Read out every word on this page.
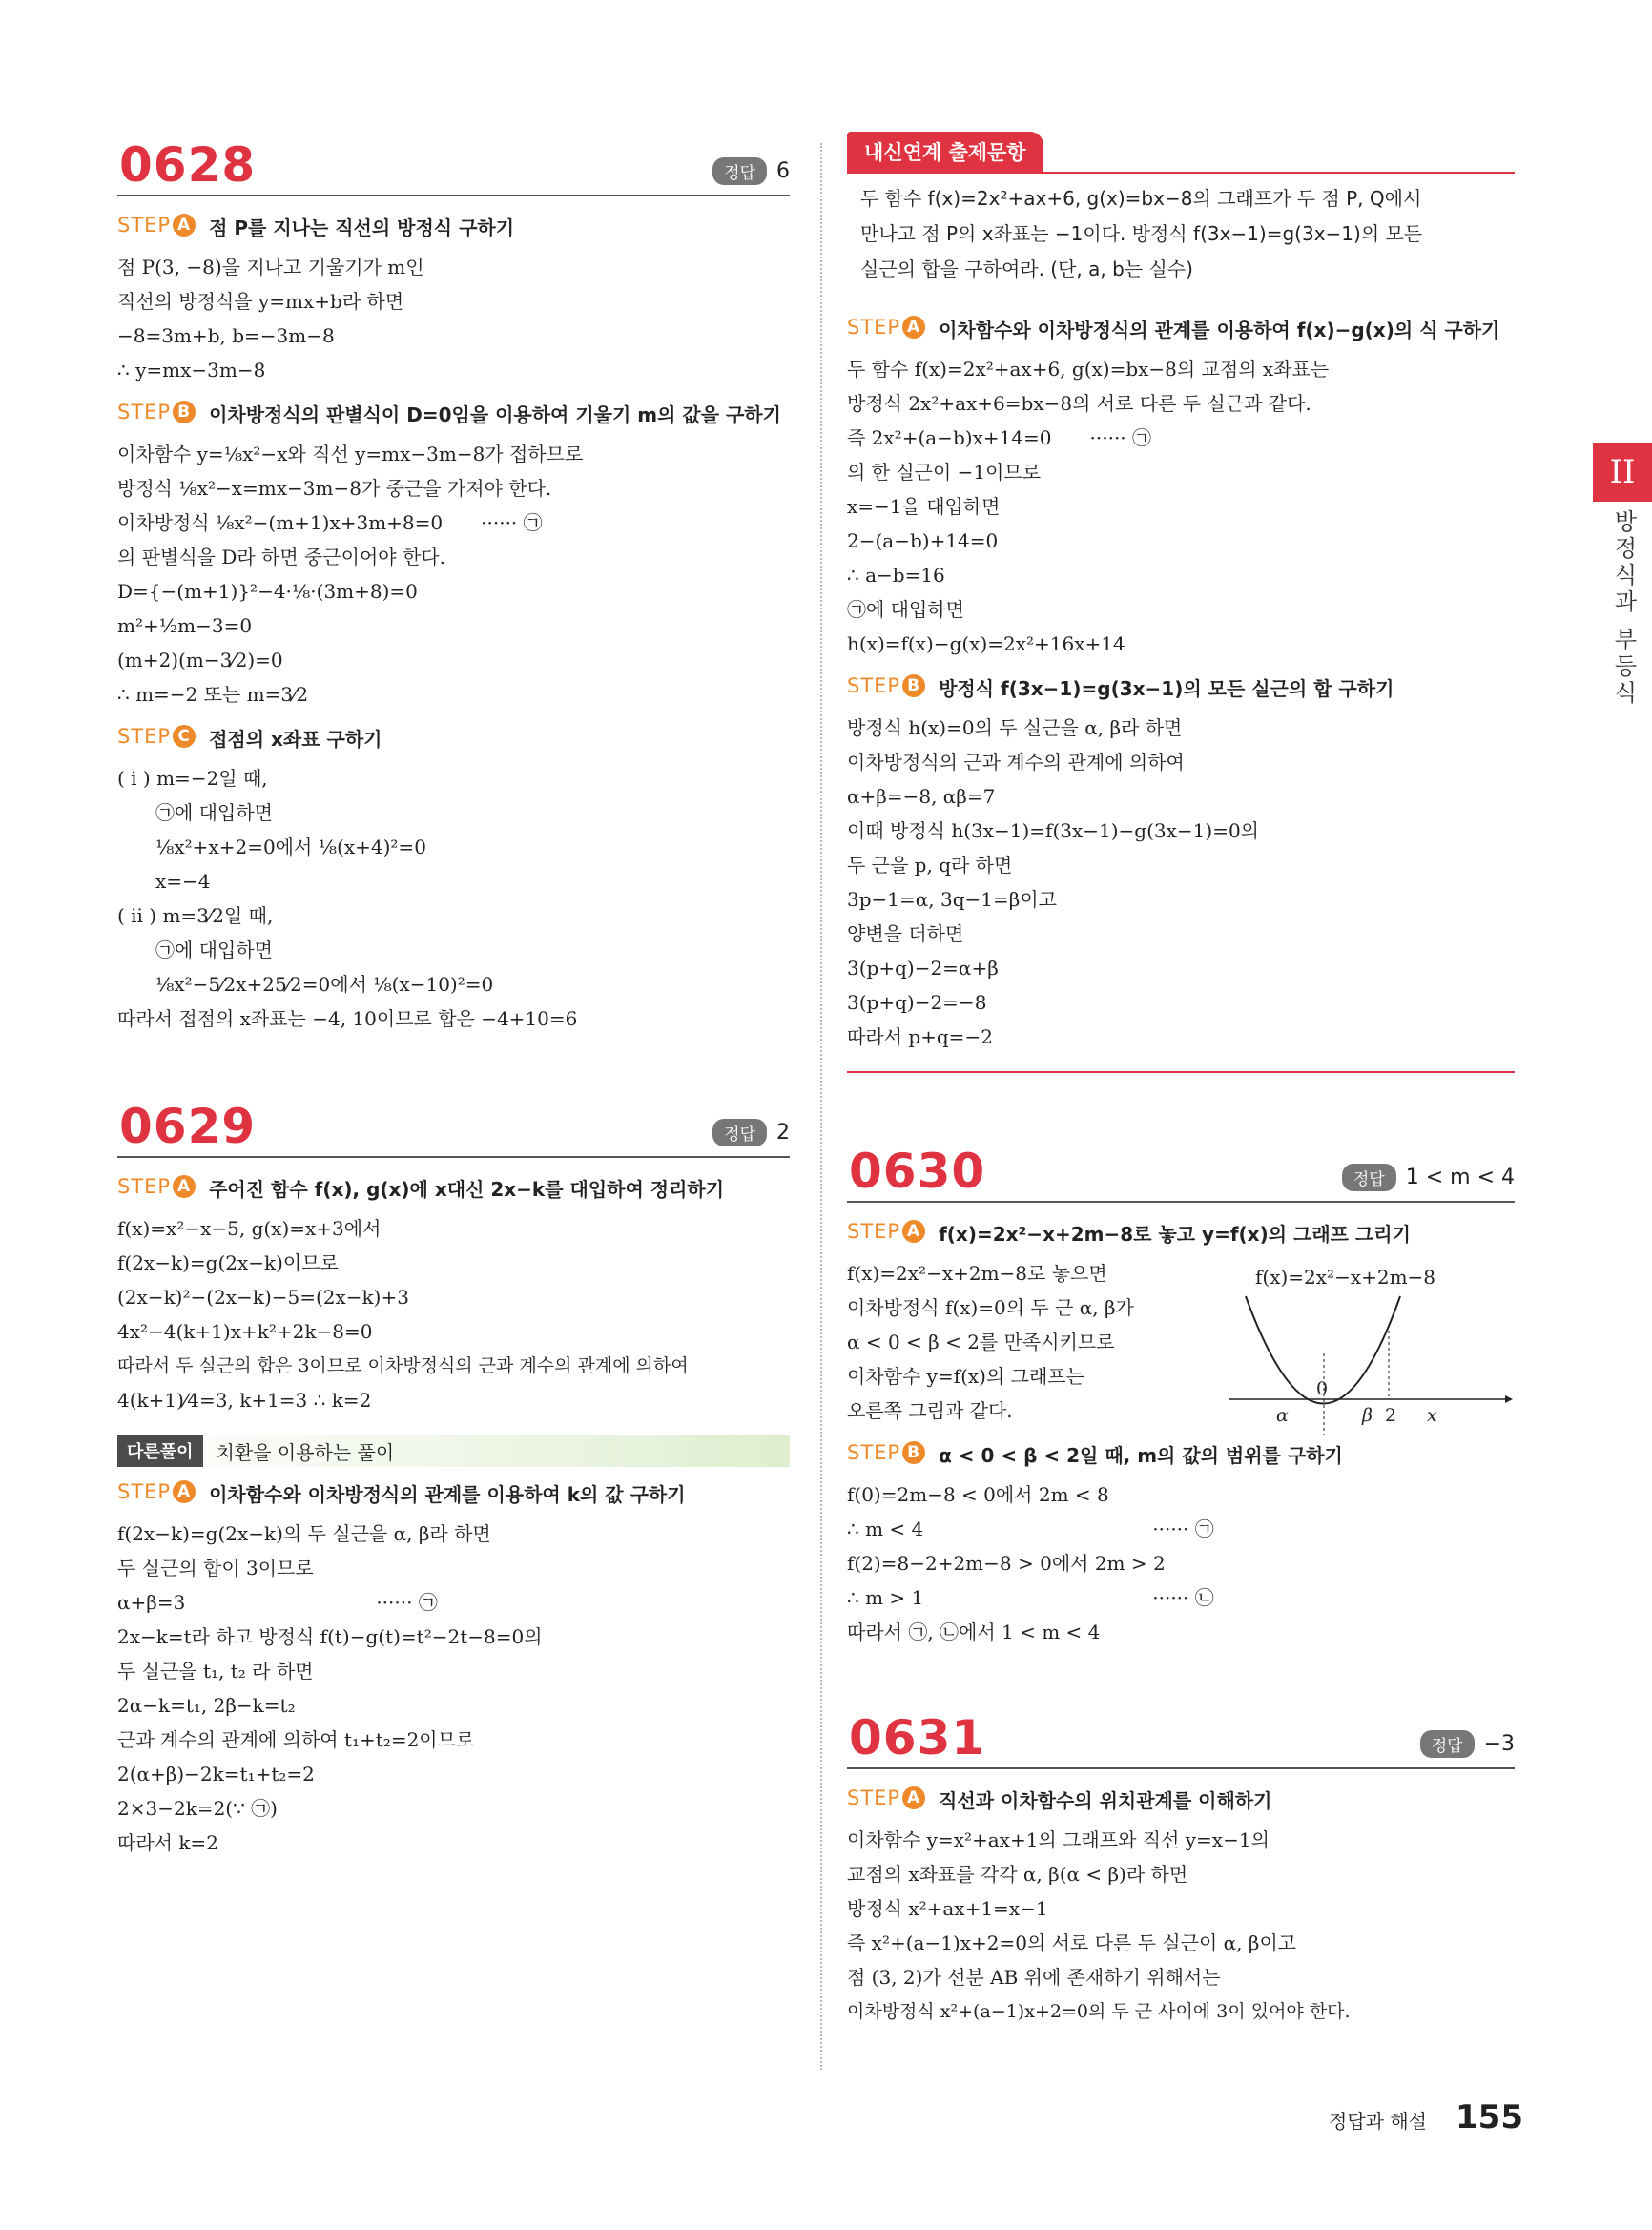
0628	정답	6
STEP A 점 P를 지나는 직선의 방정식 구하기
점 P(3, −8)을 지나고 기울기가 m인
직선의 방정식을 y=mx+b라 하면
−8=3m+b, b=−3m−8
∴ y=mx−3m−8
STEP B 이차방정식의 판별식이 D=0임을 이용하여 기울기 m의 값을 구하기
이차함수 y=¹⁄₈x²−x와 직선 y=mx−3m−8가 접하므로
방정식 ¹⁄₈x²−x=mx−3m−8가 중근을 가져야 한다.
이차방정식 ¹⁄₈x²−(m+1)x+3m+8=0 ······ ㉠
의 판별식을 D라 하면 중근이어야 한다.
D={−(m+1)}²−4·¹⁄₈·(3m+8)=0
m²+½m−3=0
(m+2)(m−3⁄2)=0
∴ m=−2 또는 m=3⁄2
STEP C 접점의 x좌표 구하기
( i ) m=−2일 때,
㉠에 대입하면
¹⁄₈x²+x+2=0에서 ¹⁄₈(x+4)²=0
x=−4
( ii ) m=3⁄2일 때,
㉠에 대입하면
¹⁄₈x²−5⁄2x+25⁄2=0에서 ¹⁄₈(x−10)²=0
따라서 접점의 x좌표는 −4, 10이므로 합은 −4+10=6
0629	정답	2
STEP A 주어진 함수 f(x), g(x)에 x대신 2x−k를 대입하여 정리하기
f(x)=x²−x−5, g(x)=x+3에서
f(2x−k)=g(2x−k)이므로
(2x−k)²−(2x−k)−5=(2x−k)+3
4x²−4(k+1)x+k²+2k−8=0
따라서 두 실근의 합은 3이므로 이차방정식의 근과 계수의 관계에 의하여
4(k+1)⁄4=3, k+1=3 ∴ k=2
다른풀이	치환을 이용하는 풀이
STEP A 이차함수와 이차방정식의 관계를 이용하여 k의 값 구하기
f(2x−k)=g(2x−k)의 두 실근을 α, β라 하면
두 실근의 합이 3이므로
α+β=3	······ ㉠
2x−k=t라 하고 방정식 f(t)−g(t)=t²−2t−8=0의
두 실근을 t₁, t₂ 라 하면
2α−k=t₁, 2β−k=t₂
근과 계수의 관계에 의하여 t₁+t₂=2이므로
2(α+β)−2k=t₁+t₂=2
2×3−2k=2(∵ ㉠)
따라서 k=2
내신연계 출제문항
두 함수 f(x)=2x²+ax+6, g(x)=bx−8의 그래프가 두 점 P, Q에서
만나고 점 P의 x좌표는 −1이다. 방정식 f(3x−1)=g(3x−1)의 모든
실근의 합을 구하여라. (단, a, b는 실수)
STEP A 이차함수와 이차방정식의 관계를 이용하여 f(x)−g(x)의 식 구하기
두 함수 f(x)=2x²+ax+6, g(x)=bx−8의 교점의 x좌표는
방정식 2x²+ax+6=bx−8의 서로 다른 두 실근과 같다.
즉 2x²+(a−b)x+14=0 ······ ㉠
의 한 실근이 −1이므로
x=−1을 대입하면
2−(a−b)+14=0
∴ a−b=16
㉠에 대입하면
h(x)=f(x)−g(x)=2x²+16x+14
STEP B 방정식 f(3x−1)=g(3x−1)의 모든 실근의 합 구하기
방정식 h(x)=0의 두 실근을 α, β라 하면
이차방정식의 근과 계수의 관계에 의하여
α+β=−8, αβ=7
이때 방정식 h(3x−1)=f(3x−1)−g(3x−1)=0의
두 근을 p, q라 하면
3p−1=α, 3q−1=β이고
양변을 더하면
3(p+q)−2=α+β
3(p+q)−2=−8
따라서 p+q=−2
0630	정답	1 < m < 4
STEP A f(x)=2x²−x+2m−8로 놓고 y=f(x)의 그래프 그리기
f(x)=2x²−x+2m−8로 놓으면
이차방정식 f(x)=0의 두 근 α, β가
α < 0 < β < 2를 만족시키므로
이차함수 y=f(x)의 그래프는
오른쪽 그림과 같다.
f(x)=2x²−x+2m−8
α
0
β 2 x
STEP B α < 0 < β < 2일 때, m의 값의 범위를 구하기
f(0)=2m−8 < 0에서 2m < 8
∴ m < 4	······ ㉠
f(2)=8−2+2m−8 > 0에서 2m > 2
∴ m > 1	······ ㉡
따라서 ㉠, ㉡에서 1 < m < 4
0631	정답	−3
STEP A 직선과 이차함수의 위치관계를 이해하기
이차함수 y=x²+ax+1의 그래프와 직선 y=x−1의
교점의 x좌표를 각각 α, β(α < β)라 하면
방정식 x²+ax+1=x−1
즉 x²+(a−1)x+2=0의 서로 다른 두 실근이 α, β이고
점 (3, 2)가 선분 AB 위에 존재하기 위해서는
이차방정식 x²+(a−1)x+2=0의 두 근 사이에 3이 있어야 한다.
II
방정식과 부등식
정답과 해설 155
